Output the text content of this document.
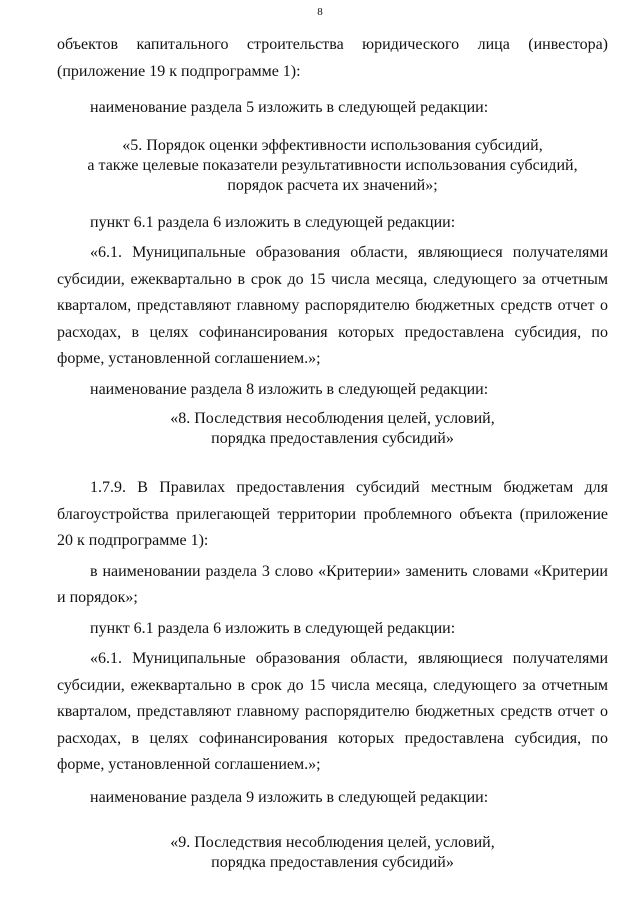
8

объектов капитального строительства юридического лица (инвестора) (приложение 19 к подпрограмме 1):

наименование раздела 5 изложить в следующей редакции:

«5. Порядок оценки эффективности использования субсидий,
а также целевые показатели результативности использования субсидий,
порядок расчета их значений»;

пункт 6.1 раздела 6 изложить в следующей редакции:

«6.1. Муниципальные образования области, являющиеся получателями субсидии, ежеквартально в срок до 15 числа месяца, следующего за отчетным кварталом, представляют главному распорядителю бюджетных средств отчет о расходах, в целях софинансирования которых предоставлена субсидия, по форме, установленной соглашением.»;

наименование раздела 8 изложить в следующей редакции:

«8. Последствия несоблюдения целей, условий,
порядка предоставления субсидий»

1.7.9. В Правилах предоставления субсидий местным бюджетам для благоустройства прилегающей территории проблемного объекта (приложение 20 к подпрограмме 1):

в наименовании раздела 3 слово «Критерии» заменить словами «Критерии и порядок»;

пункт 6.1 раздела 6 изложить в следующей редакции:

«6.1. Муниципальные образования области, являющиеся получателями субсидии, ежеквартально в срок до 15 числа месяца, следующего за отчетным кварталом, представляют главному распорядителю бюджетных средств отчет о расходах, в целях софинансирования которых предоставлена субсидия, по форме, установленной соглашением.»;

наименование раздела 9 изложить в следующей редакции:

«9. Последствия несоблюдения целей, условий,
порядка предоставления субсидий»
